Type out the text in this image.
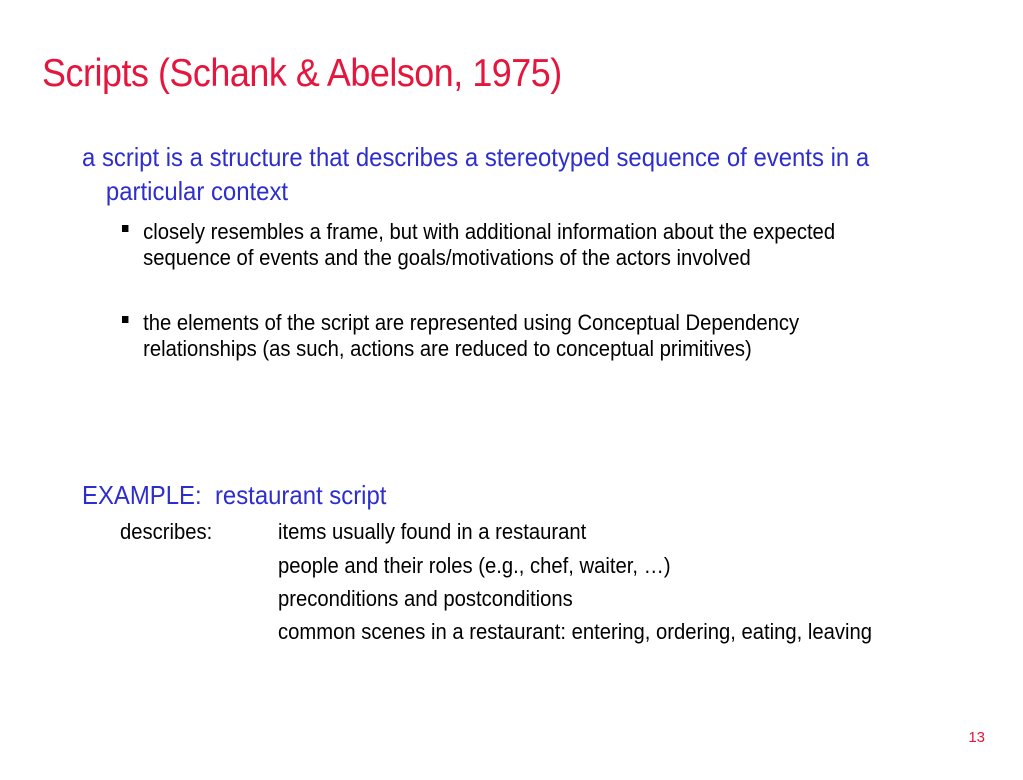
Scripts (Schank & Abelson, 1975)
a script is a structure that describes a stereotyped sequence of events in a
particular context
closely resembles a frame, but with additional information about the expected
sequence of events and the goals/motivations of the actors involved
the elements of the script are represented using Conceptual Dependency
relationships (as such, actions are reduced to conceptual primitives)
EXAMPLE:  restaurant script
describes:	items usually found in a restaurant
people and their roles (e.g., chef, waiter, …)
preconditions and postconditions
common scenes in a restaurant: entering, ordering, eating, leaving
13
